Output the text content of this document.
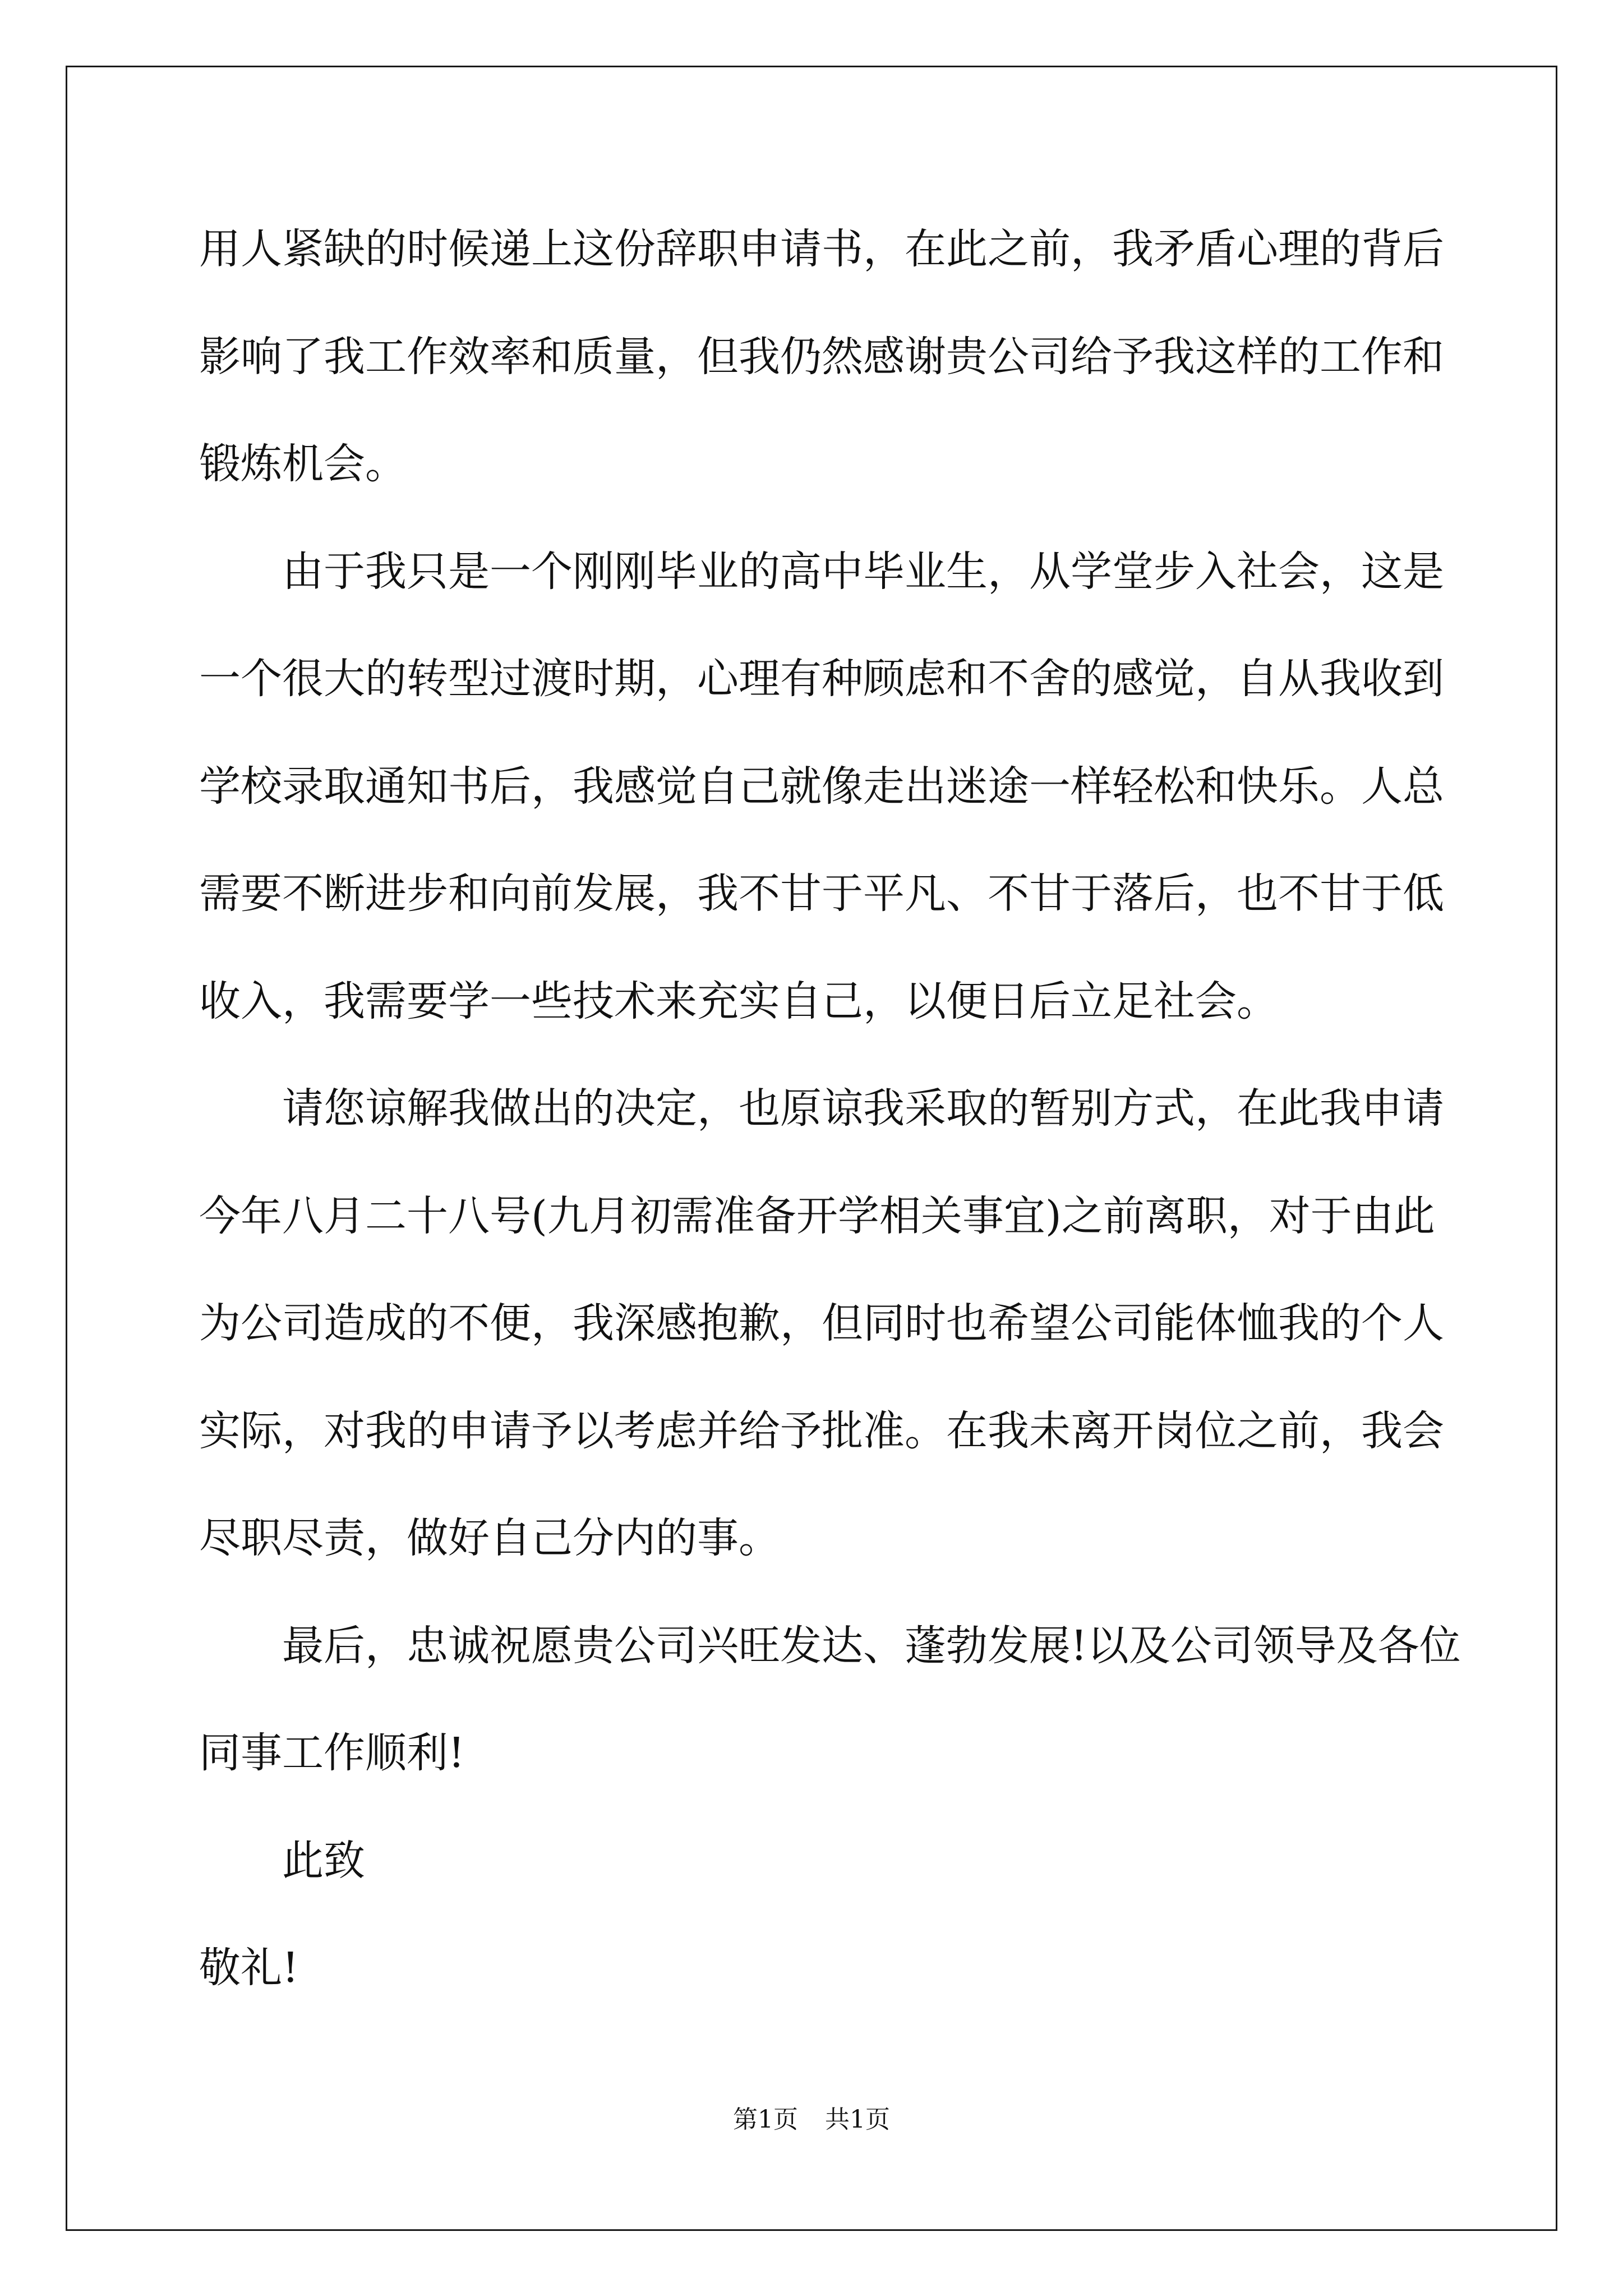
用人紧缺的时候递上这份辞职申请书，在此之前，我矛盾心理的背后
影响了我工作效率和质量，但我仍然感谢贵公司给予我这样的工作和
锻炼机会。
由于我只是一个刚刚毕业的高中毕业生，从学堂步入社会，这是
一个很大的转型过渡时期，心理有种顾虑和不舍的感觉，自从我收到
学校录取通知书后，我感觉自己就像走出迷途一样轻松和快乐。人总
需要不断进步和向前发展，我不甘于平凡、不甘于落后，也不甘于低
收入，我需要学一些技术来充实自己，以便日后立足社会。
请您谅解我做出的决定，也原谅我采取的暂别方式，在此我申请
今年八月二十八号(九月初需准备开学相关事宜)之前离职，对于由此
为公司造成的不便，我深感抱歉，但同时也希望公司能体恤我的个人
实际，对我的申请予以考虑并给予批准。在我未离开岗位之前，我会
尽职尽责，做好自己分内的事。
最后，忠诚祝愿贵公司兴旺发达、蓬勃发展!以及公司领导及各位
同事工作顺利!
此致
敬礼!
第1页 共1页
